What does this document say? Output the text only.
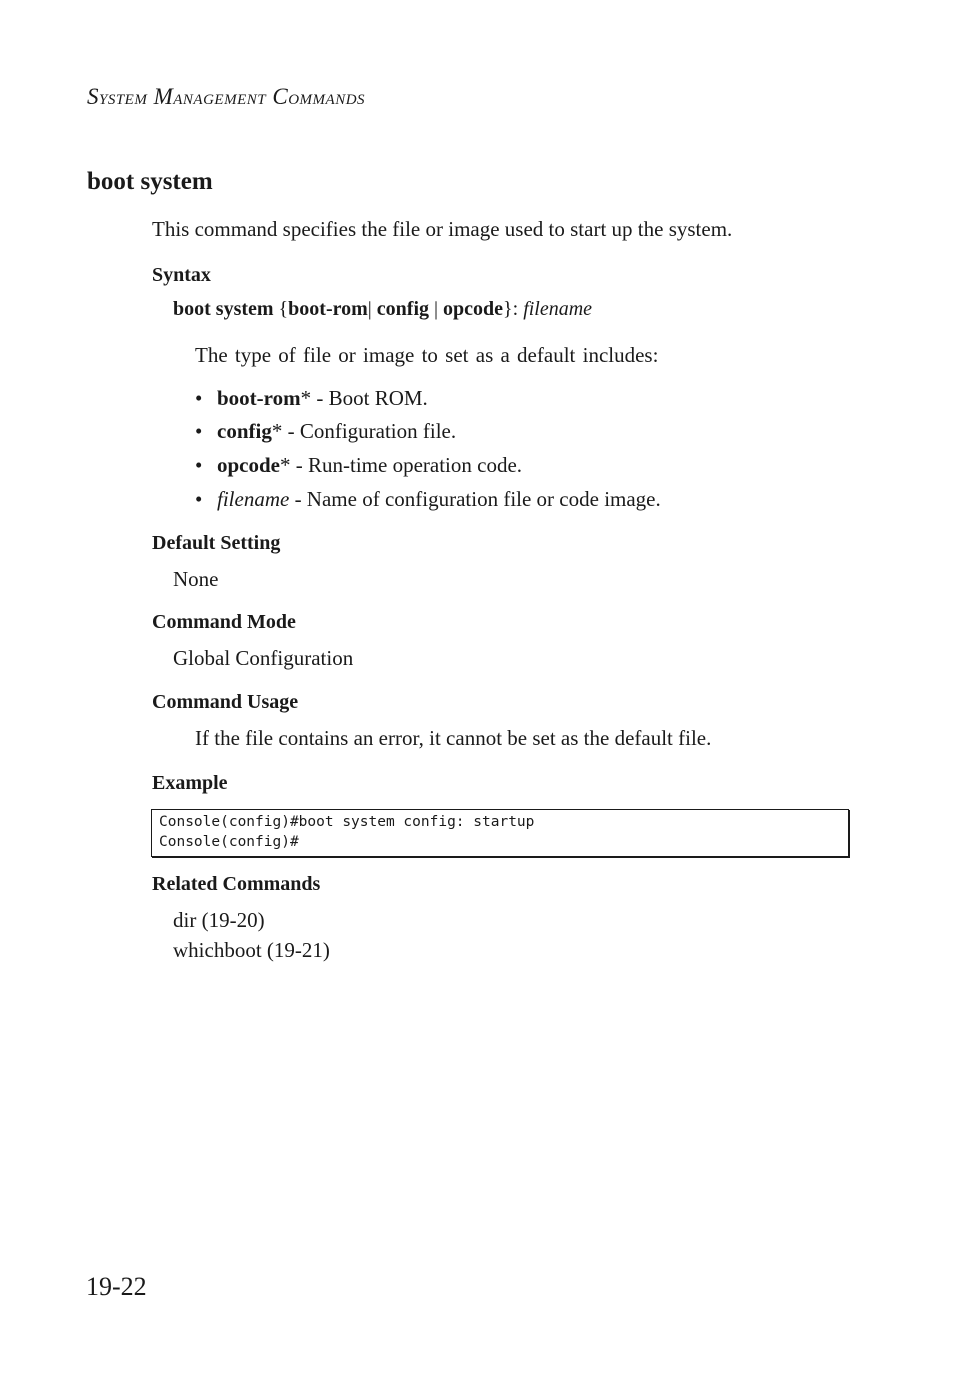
SYSTEM MANAGEMENT COMMANDS
boot system
This command specifies the file or image used to start up the system.
Syntax
boot system {boot-rom| config | opcode}: filename
The type of file or image to set as a default includes:
• boot-rom* - Boot ROM.
• config* - Configuration file.
• opcode* - Run-time operation code.
• filename - Name of configuration file or code image.
Default Setting
None
Command Mode
Global Configuration
Command Usage
If the file contains an error, it cannot be set as the default file.
Example
Console(config)#boot system config: startup
Console(config)#
Related Commands
dir (19-20)
whichboot (19-21)
19-22
